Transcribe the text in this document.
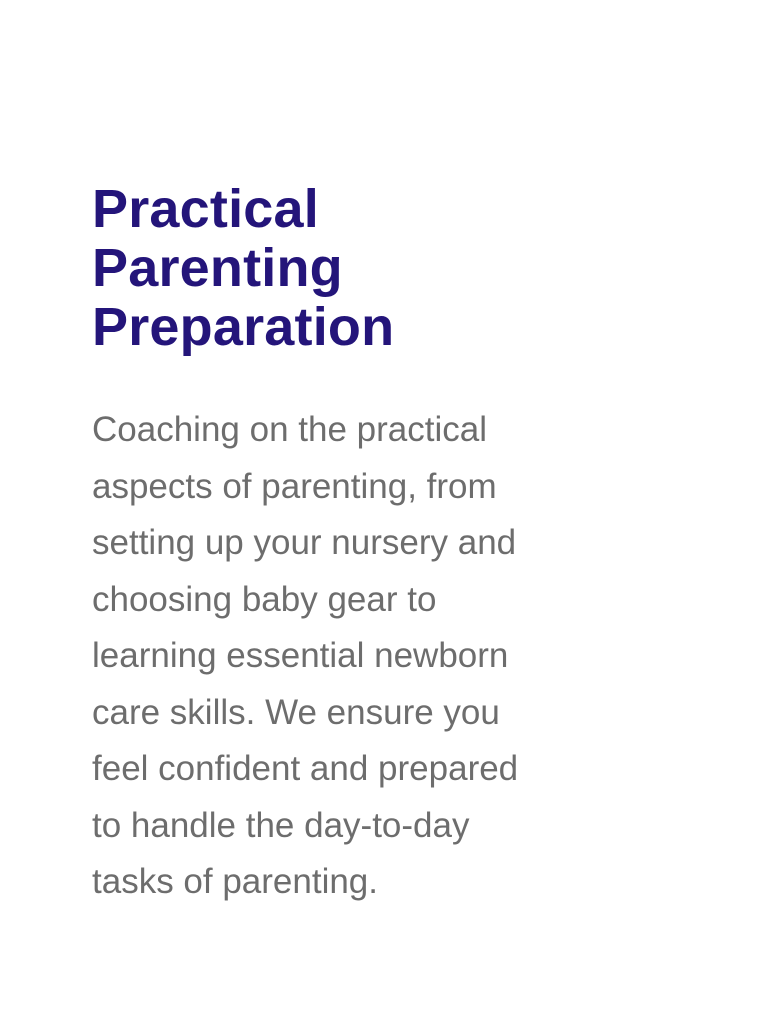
Practical
Parenting
Preparation

Coaching on the practical
aspects of parenting, from
setting up your nursery and
choosing baby gear to
learning essential newborn
care skills. We ensure you
feel confident and prepared
to handle the day-to-day
tasks of parenting.
